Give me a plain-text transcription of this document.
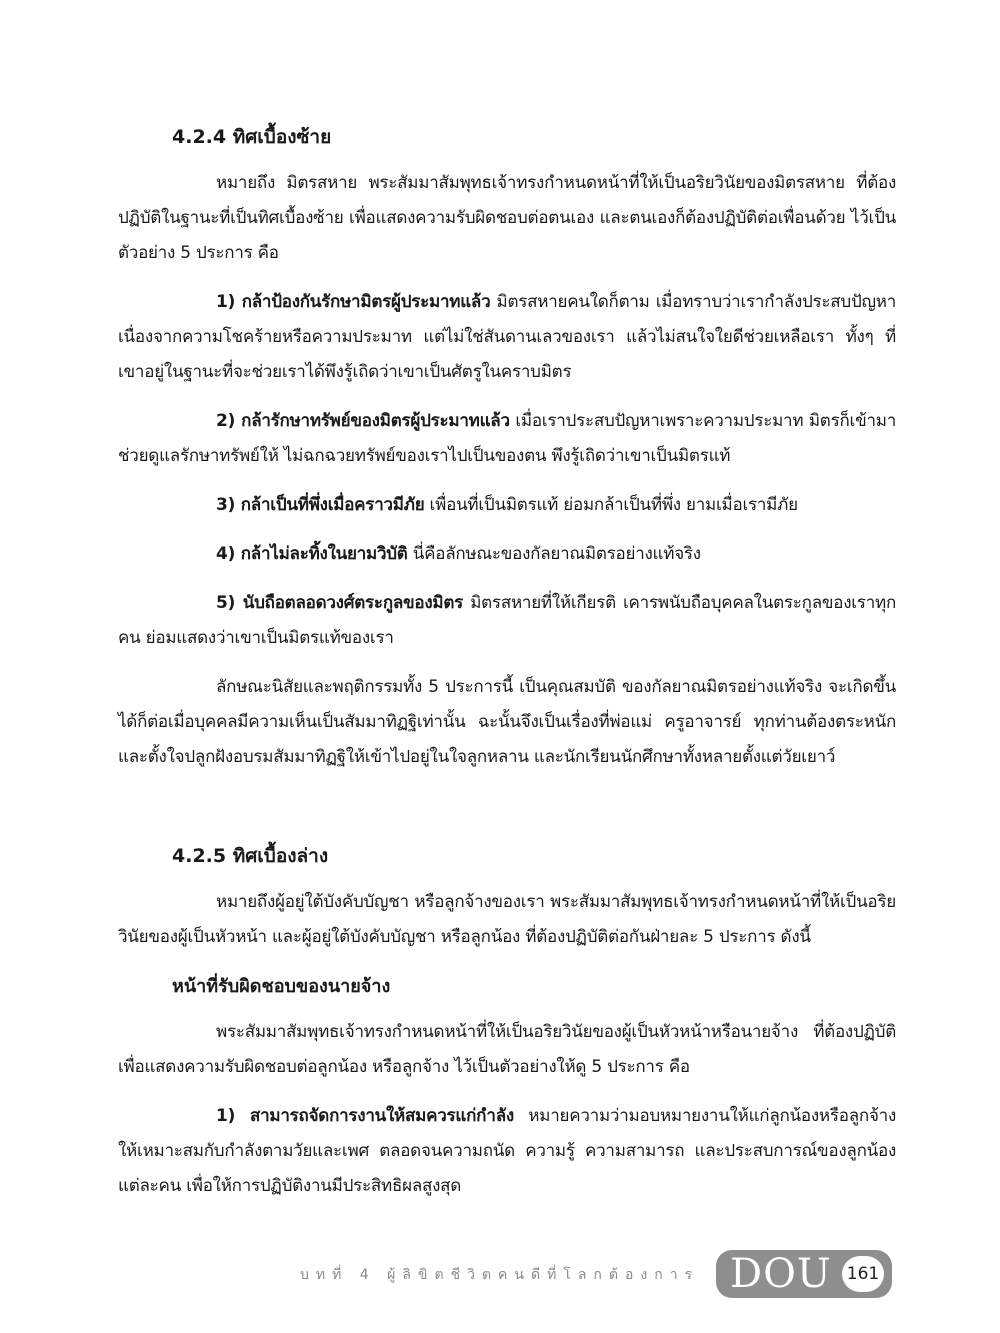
4.2.4 ทิศเบื้องซ้าย

หมายถึง มิตรสหาย พระสัมมาสัมพุทธเจ้าทรงกำหนดหน้าที่ให้เป็นอริยวินัยของมิตรสหาย ที่ต้องปฏิบัติในฐานะที่เป็นทิศเบื้องซ้าย เพื่อแสดงความรับผิดชอบต่อตนเอง และตนเองก็ต้องปฏิบัติต่อเพื่อนด้วย ไว้เป็นตัวอย่าง 5 ประการ คือ

1) กล้าป้องกันรักษามิตรผู้ประมาทแล้ว มิตรสหายคนใดก็ตาม เมื่อทราบว่าเรากำลังประสบปัญหา เนื่องจากความโชคร้ายหรือความประมาท แต่ไม่ใช่สันดานเลวของเรา แล้วไม่สนใจใยดีช่วยเหลือเรา ทั้งๆ ที่เขาอยู่ในฐานะที่จะช่วยเราได้พึงรู้เถิดว่าเขาเป็นศัตรูในคราบมิตร

2) กล้ารักษาทรัพย์ของมิตรผู้ประมาทแล้ว เมื่อเราประสบปัญหาเพราะความประมาท มิตรก็เข้ามาช่วยดูแลรักษาทรัพย์ให้ ไม่ฉกฉวยทรัพย์ของเราไปเป็นของตน พึงรู้เถิดว่าเขาเป็นมิตรแท้

3) กล้าเป็นที่พึ่งเมื่อคราวมีภัย เพื่อนที่เป็นมิตรแท้ ย่อมกล้าเป็นที่พึ่ง ยามเมื่อเรามีภัย

4) กล้าไม่ละทิ้งในยามวิบัติ นี่คือลักษณะของกัลยาณมิตรอย่างแท้จริง

5) นับถือตลอดวงศ์ตระกูลของมิตร มิตรสหายที่ให้เกียรติ เคารพนับถือบุคคลในตระกูลของเราทุกคน ย่อมแสดงว่าเขาเป็นมิตรแท้ของเรา

ลักษณะนิสัยและพฤติกรรมทั้ง 5 ประการนี้ เป็นคุณสมบัติ ของกัลยาณมิตรอย่างแท้จริง จะเกิดขึ้นได้ก็ต่อเมื่อบุคคลมีความเห็นเป็นสัมมาทิฏฐิเท่านั้น ฉะนั้นจึงเป็นเรื่องที่พ่อแม่ ครูอาจารย์ ทุกท่านต้องตระหนัก และตั้งใจปลูกฝังอบรมสัมมาทิฏฐิให้เข้าไปอยู่ในใจลูกหลาน และนักเรียนนักศึกษาทั้งหลายตั้งแต่วัยเยาว์

4.2.5 ทิศเบื้องล่าง

หมายถึงผู้อยู่ใต้บังคับบัญชา หรือลูกจ้างของเรา พระสัมมาสัมพุทธเจ้าทรงกำหนดหน้าที่ให้เป็นอริยวินัยของผู้เป็นหัวหน้า และผู้อยู่ใต้บังคับบัญชา หรือลูกน้อง ที่ต้องปฏิบัติต่อกันฝ่ายละ 5 ประการ ดังนี้

หน้าที่รับผิดชอบของนายจ้าง

พระสัมมาสัมพุทธเจ้าทรงกำหนดหน้าที่ให้เป็นอริยวินัยของผู้เป็นหัวหน้าหรือนายจ้าง ที่ต้องปฏิบัติเพื่อแสดงความรับผิดชอบต่อลูกน้อง หรือลูกจ้าง ไว้เป็นตัวอย่างให้ดู 5 ประการ คือ

1) สามารถจัดการงานให้สมควรแก่กำลัง หมายความว่ามอบหมายงานให้แก่ลูกน้องหรือลูกจ้าง ให้เหมาะสมกับกำลังตามวัยและเพศ ตลอดจนความถนัด ความรู้ ความสามารถ และประสบการณ์ของลูกน้องแต่ละคน เพื่อให้การปฏิบัติงานมีประสิทธิผลสูงสุด

บทที่ 4 ผู้ลิขิตชีวิตคนดีที่โลกต้องการ DOU 161
